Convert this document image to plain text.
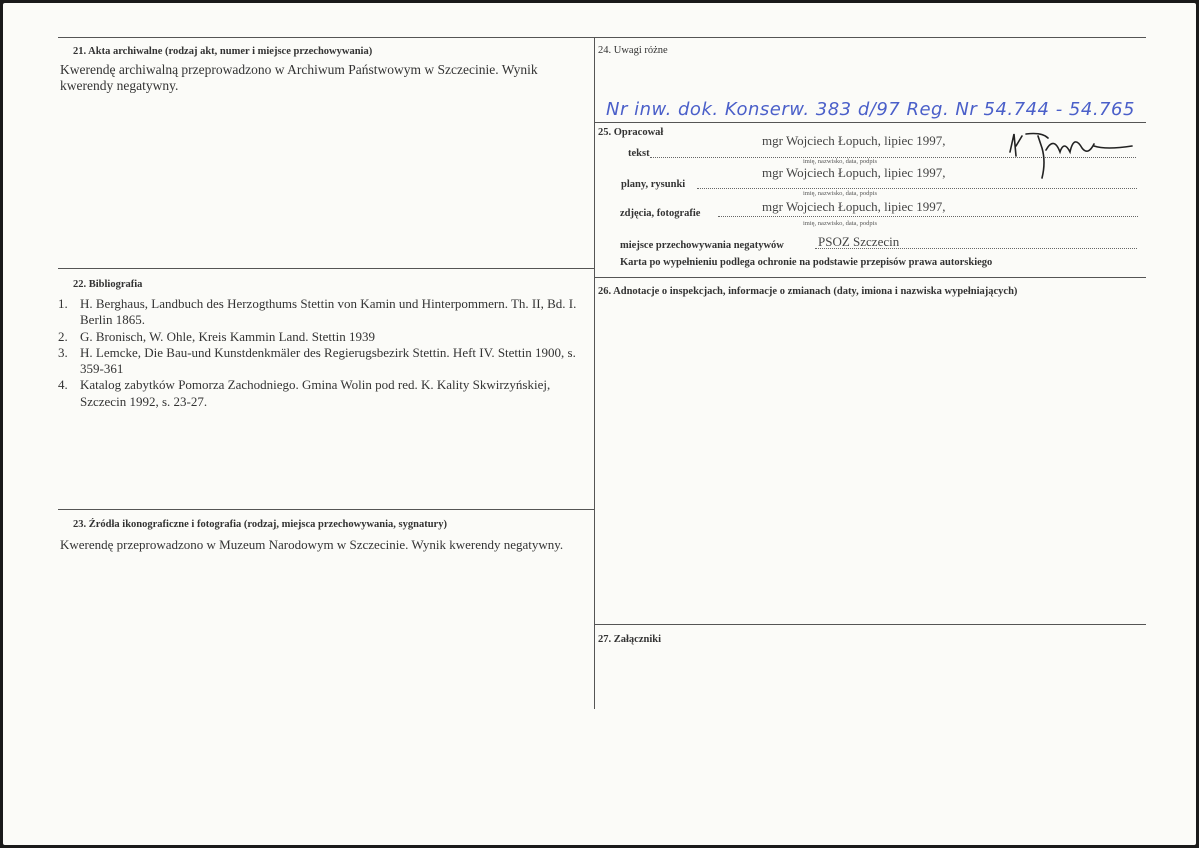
21. Akta archiwalne (rodzaj akt, numer i miejsce przechowywania)
Kwerendę archiwalną przeprowadzono w Archiwum Państwowym w Szczecinie. Wynik kwerendy negatywny.
22. Bibliografia
1. H. Berghaus, Landbuch des Herzogthums Stettin von Kamin und Hinterpommern. Th. II, Bd. I. Berlin 1865.
2. G. Bronisch, W. Ohle, Kreis Kammin Land. Stettin 1939
3. H. Lemcke, Die Bau-und Kunstdenkmäler des Regierugsbezirk Stettin. Heft IV. Stettin 1900, s. 359-361
4. Katalog zabytków Pomorza Zachodniego. Gmina Wolin pod red. K. Kality Skwirzyńskiej, Szczecin 1992, s. 23-27.
23. Źródła ikonograficzne i fotografia (rodzaj, miejsca przechowywania, sygnatury)
Kwerendę przeprowadzono w Muzeum Narodowym w Szczecinie. Wynik kwerendy negatywny.
24. Uwagi różne
Nr inw. dok. Konserw. 383 d/97 Reg. Nr 54.744 - 54.765
25. Opracował
tekst
mgr Wojciech Łopuch, lipiec 1997,
imię, nazwisko, data, podpis
plany, rysunki
mgr Wojciech Łopuch, lipiec 1997,
imię, nazwisko, data, podpis
zdjęcia, fotografie	mgr Wojciech Łopuch, lipiec 1997,
imię, nazwisko, data, podpis
miejsce przechowywania negatywów	PSOZ Szczecin
Karta po wypełnieniu podlega ochronie na podstawie przepisów prawa autorskiego
26. Adnotacje o inspekcjach, informacje o zmianach (daty, imiona i nazwiska wypełniających)
27. Załączniki
